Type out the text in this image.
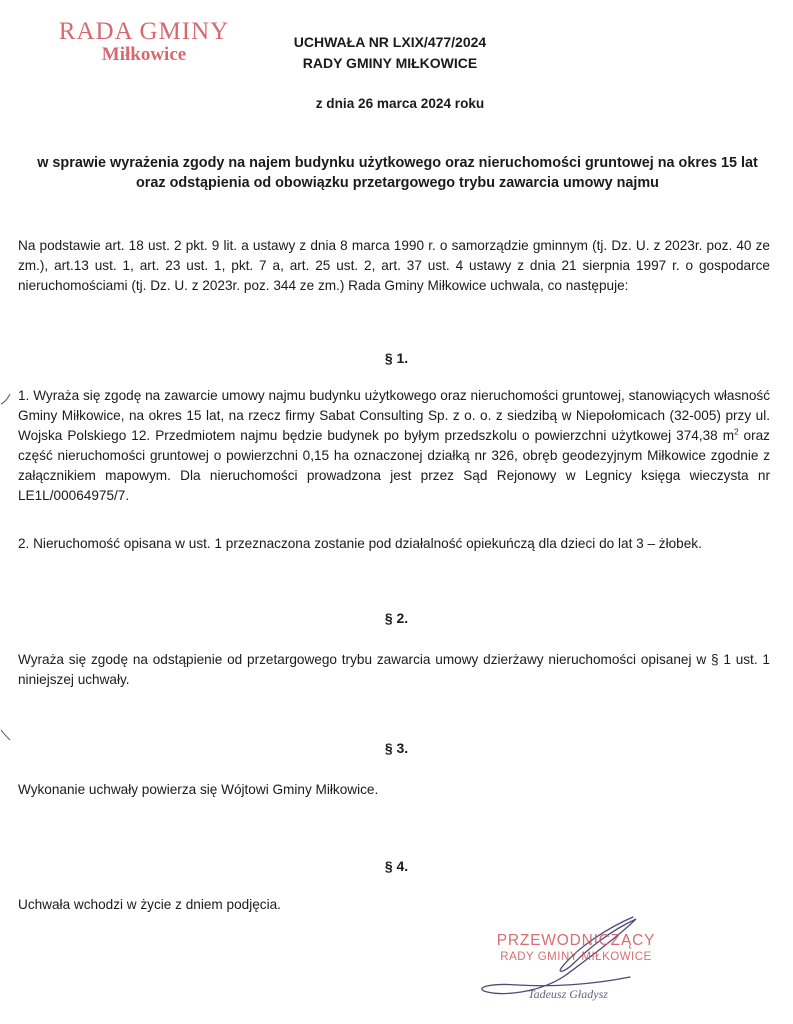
RADA GMINY
Miłkowice
UCHWAŁA NR LXIX/477/2024
RADY GMINY MIŁKOWICE
z dnia 26 marca 2024 roku
w sprawie wyrażenia zgody na najem budynku użytkowego oraz nieruchomości gruntowej na okres 15 lat
oraz odstąpienia od obowiązku przetargowego trybu zawarcia umowy najmu
Na podstawie art. 18 ust. 2 pkt. 9 lit. a ustawy z dnia 8 marca 1990 r. o samorządzie gminnym (tj. Dz. U. z 2023r. poz. 40 ze zm.), art.13 ust. 1, art. 23 ust. 1, pkt. 7 a, art. 25 ust. 2, art. 37 ust. 4 ustawy z dnia 21 sierpnia 1997 r. o gospodarce nieruchomościami (tj. Dz. U. z 2023r. poz. 344 ze zm.) Rada Gminy Miłkowice uchwala, co następuje:
§ 1.
1. Wyraża się zgodę na zawarcie umowy najmu budynku użytkowego oraz nieruchomości gruntowej, stanowiących własność Gminy Miłkowice, na okres 15 lat, na rzecz firmy Sabat Consulting Sp. z o. o. z siedzibą w Niepołomicach (32-005) przy ul. Wojska Polskiego 12. Przedmiotem najmu będzie budynek po byłym przedszkolu o powierzchni użytkowej 374,38 $m^2$ oraz część nieruchomości gruntowej o powierzchni 0,15 ha oznaczonej działką nr 326, obręb geodezyjnym Miłkowice zgodnie z załącznikiem mapowym. Dla nieruchomości prowadzona jest przez Sąd Rejonowy w Legnicy księga wieczysta nr LE1L/00064975/7.
2. Nieruchomość opisana w ust. 1 przeznaczona zostanie pod działalność opiekuńczą dla dzieci do lat 3 – żłobek.
§ 2.
Wyraża się zgodę na odstąpienie od przetargowego trybu zawarcia umowy dzierżawy nieruchomości opisanej w § 1 ust. 1 niniejszej uchwały.
§ 3.
Wykonanie uchwały powierza się Wójtowi Gminy Miłkowice.
§ 4.
Uchwała wchodzi w życie z dniem podjęcia.
PRZEWODNICZĄCY
RADY GMINY MIŁKOWICE
Tadeusz Gładysz
